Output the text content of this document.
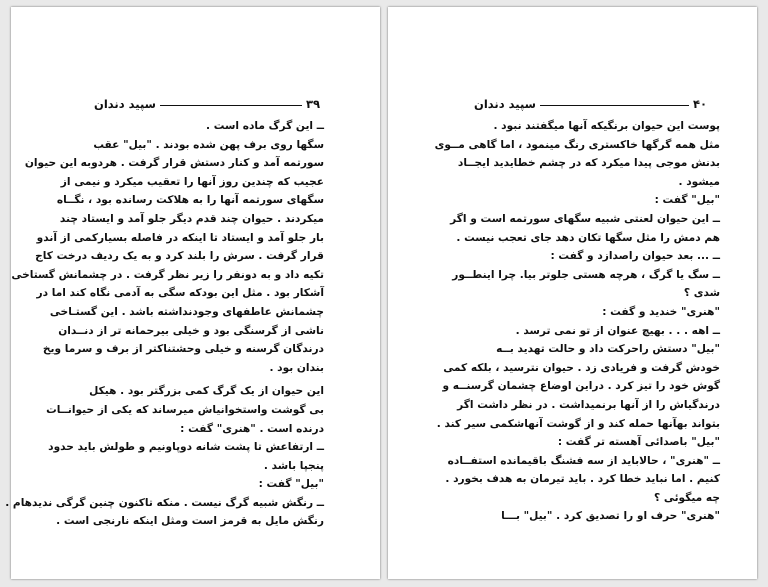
۳۹
سپید دندان
ــ این گرگ ماده است .
سگها روی برف پهن شده بودند . "بیل" عقب
سورتمه آمد و کنار دستش قرار گرفت . هردوبه این حیوان
عجیب که چندین روز آنها را تعقیب میکرد و نیمی از
سگهای سورتمه آنها را به هلاکت رسانده بود ، نگــاه
میکردند . حیوان چند قدم دیگر جلو آمد و ایستاد چند
بار جلو آمد و ایستاد تا اینکه در فاصله بسیارکمی از آندو
قرار گرفت . سرش را بلند کرد و به یک ردیف درخت کاج
تکیه داد و به دونفر را زیر نظر گرفت . در چشمانش گستاخی
آشکار بود . مثل این بودکه سگی به آدمی نگاه کند اما در
چشمانش عاطفهای وجودنداشته باشد . این گستـاخی
ناشی از گرسنگی بود و خیلی بیرحمانه تر از دنــدان
درندگان گرسنه و خیلی وحشتناکتر از برف و سرما ویخ
بندان بود .
این حیوان از یک گرگ کمی بزرگتر بود . هیکل
بی گوشت واستخوانیاش میرساند که یکی از حیوانــات
درنده است . "هنری" گفت :
ــ ارتفاعش تا پشت شانه دوپاونیم و طولش باید حدود
پنجپا باشد .
"بیل" گفت :
ــ رنگش شبیه گرگ نیست . منکه تاکنون چنین گرگی ندیدهام .
رنگش مایل به قرمز است ومثل اینکه نارنجی است .
۴۰
سپید دندان
پوست این حیوان برنگیکه آنها میگفتند نبود .
مثل همه گرگها خاکستری رنگ مینمود ، اما گاهی مــوی
بدنش موجی پیدا میکرد که در چشم خطایدید ایجــاد
میشود .
"بیل" گفت :
ــ این حیوان لعنتی شبیه سگهای سورتمه است و اگر
هم دمش را مثل سگها تکان دهد جای تعجب نیست .
ــ ... بعد حیوان راصدازد و گفت :
ــ سگ یا گرگ ، هرچه هستی جلوتر بیا. چرا اینطــور
شدی ؟
"هنری" خندید و گفت :
ــ اهه . . . بهیچ عنوان از تو نمی ترسد .
"بیل" دستش راحرکت داد و حالت تهدید بــه
خودش گرفت و فریادی زد . حیوان نترسید ، بلکه کمی
گوش خود را تیز کرد . دراین اوضاع چشمان گرسنــه و
درندگیاش را از آنها برنمیداشت . در نظر داشت اگر
بتواند بهآنها حمله کند و از گوشت آنهاشکمی سیر کند .
"بیل" باصدائی آهسته تر گفت :
ــ "هنری" ، حالاباید از سه فشنگ باقیمانده استفــاده
کنیم . اما نباید خطا کرد . باید تیرمان به هدف بخورد .
چه میگوئی ؟
"هنری" حرف او را تصدیق کرد . "بیل" بـــا
